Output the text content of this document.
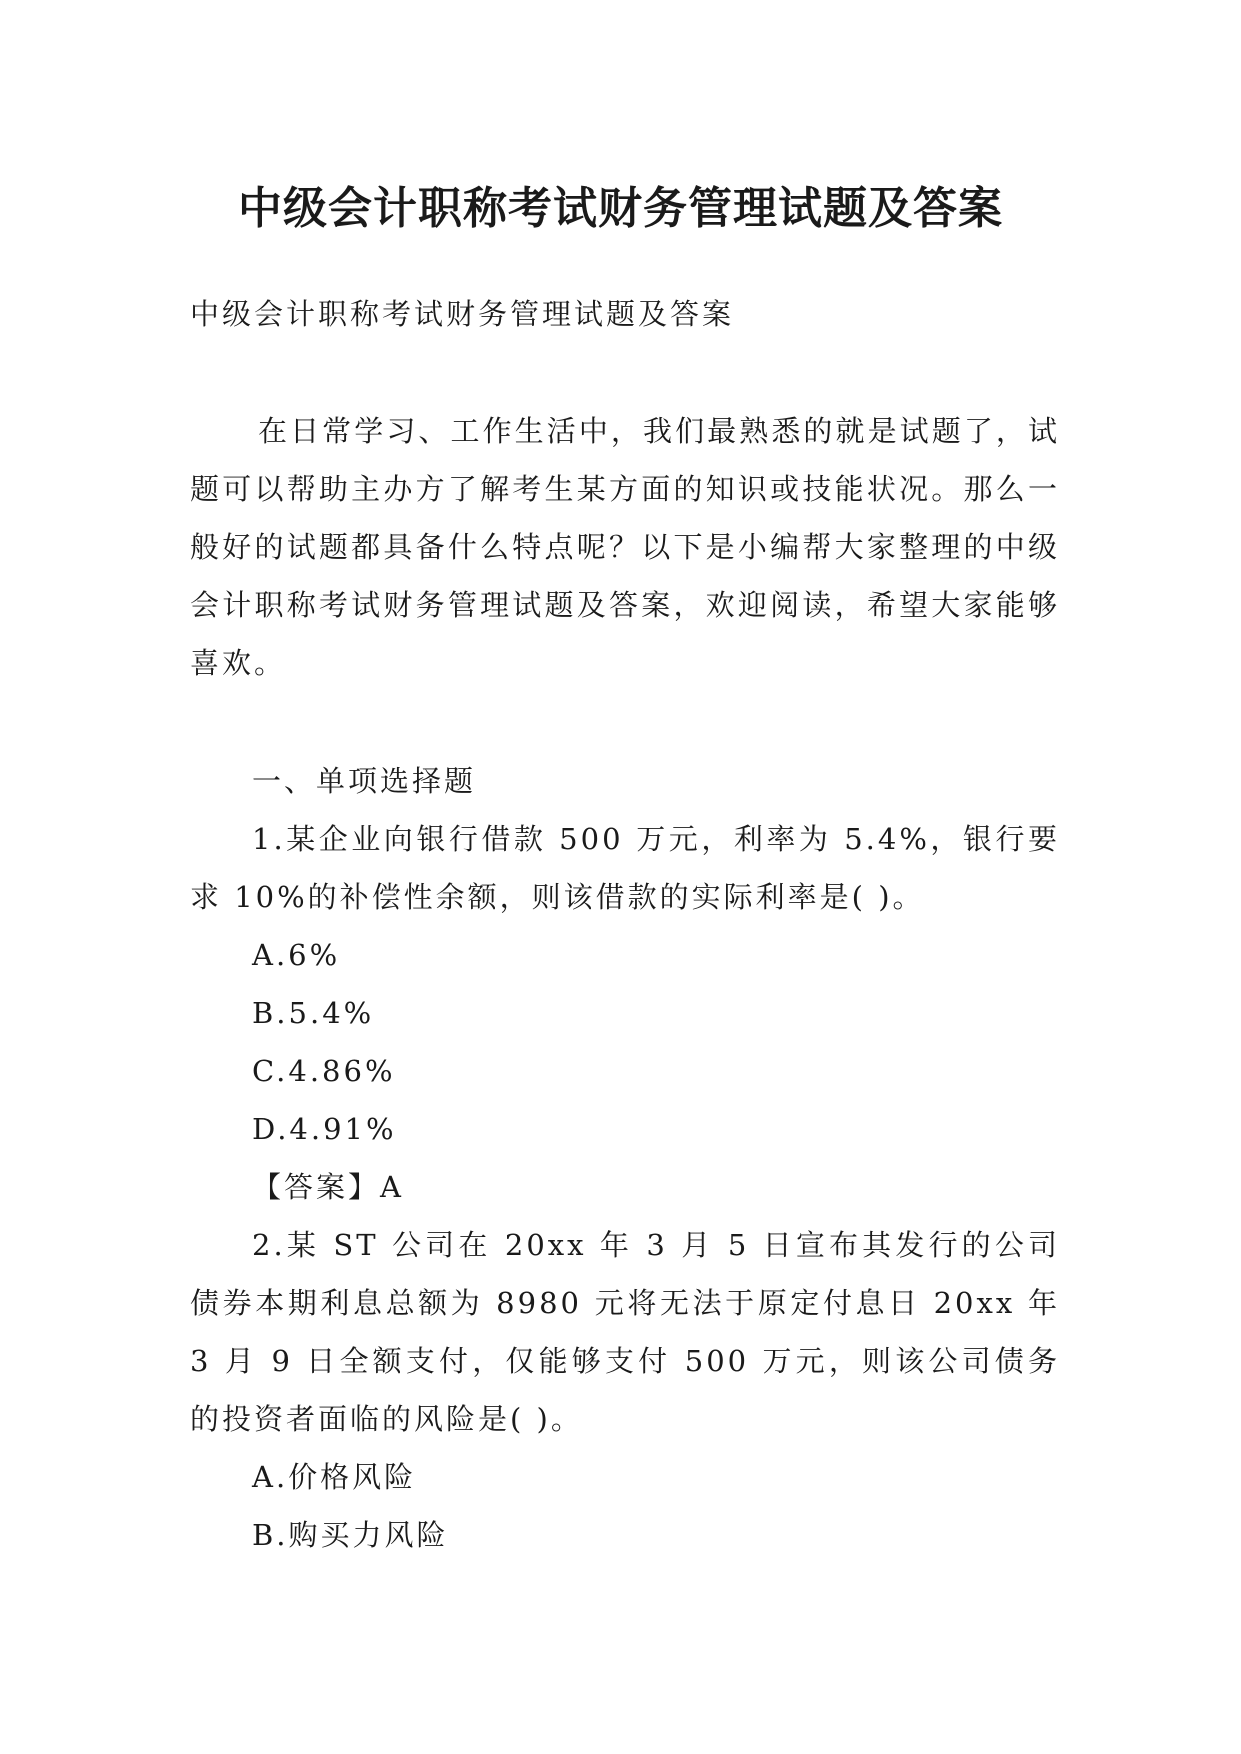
中级会计职称考试财务管理试题及答案

中级会计职称考试财务管理试题及答案

在日常学习、工作生活中，我们最熟悉的就是试题了，试题可以帮助主办方了解考生某方面的知识或技能状况。那么一般好的试题都具备什么特点呢？以下是小编帮大家整理的中级会计职称考试财务管理试题及答案，欢迎阅读，希望大家能够喜欢。

一、单项选择题

1.某企业向银行借款 500 万元，利率为 5.4%，银行要求 10%的补偿性余额，则该借款的实际利率是( )。

A.6%

B.5.4%

C.4.86%

D.4.91%

【答案】A

2.某 ST 公司在 20xx 年 3 月 5 日宣布其发行的公司债券本期利息总额为 8980 元将无法于原定付息日 20xx 年 3 月 9 日全额支付，仅能够支付 500 万元，则该公司债务的投资者面临的风险是( )。

A.价格风险

B.购买力风险
